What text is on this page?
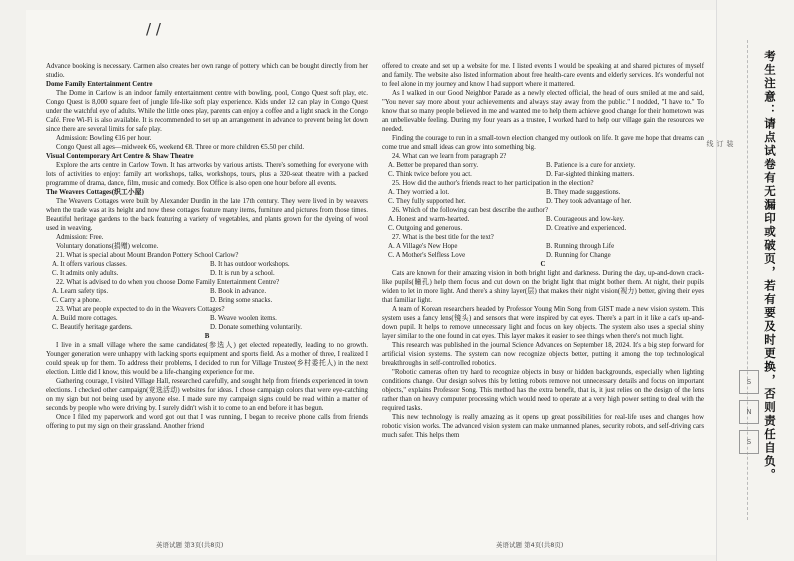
/ /

Advance booking is necessary. Carmen also creates her own range of pottery which can be bought directly from her studio.

Dome Family Entertainment Centre

The Dome in Carlow is an indoor family entertainment centre with bowling, pool, Congo Quest soft play, etc. Congo Quest is 8,000 square feet of jungle life-like soft play experience. Kids under 12 can play in Congo Quest under the watchful eye of adults. While the little ones play, parents can enjoy a coffee and a light snack in the Congo Café. Free Wi-Fi is also available. It is recommended to set up an arrangement in advance to prevent being let down since there are several limits for safe play.

Admission: Bowling €16 per hour.

Congo Quest all ages—midweek €6, weekend €8. Three or more children €5.50 per child.

Visual Contemporary Art Centre & Shaw Theatre

Explore the arts centre in Carlow Town. It has artworks by various artists. There's something for everyone with lots of activities to enjoy: family art workshops, talks, workshops, tours, plus a 320-seat theatre with a packed programme of drama, dance, film, music and comedy. Box Office is also open one hour before all events.

The Weavers Cottages(织工小屋)

The Weavers Cottages were built by Alexander Durdin in the late 17th century. They were lived in by weavers when the trade was at its height and now these cottages feature many items, furniture and pictures from those times. Beautiful heritage gardens to the back featuring a variety of vegetables, and plants grown for the dyeing of wool used in weaving.

Admission: Free.

Voluntary donations(捐赠) welcome.

21. What is special about Mount Brandon Pottery School Carlow?

A. It offers various classes.	B. It has outdoor workshops.
C. It admits only adults.	D. It is run by a school.

22. What is advised to do when you choose Dome Family Entertainment Centre?

A. Learn safety tips.	B. Book in advance.
C. Carry a phone.	D. Bring some snacks.

23. What are people expected to do in the Weavers Cottages?

A. Build more cottages.	B. Weave woolen items.
C. Beautify heritage gardens.	D. Donate something voluntarily.

B

I live in a small village where the same candidates(参选人) get elected repeatedly, leading to no growth. Younger generation were unhappy with lacking sports equipment and sports field. As a mother of three, I realized I could speak up for them. To address their problems, I decided to run for Village Trustee(乡村委托人) in the next election. Little did I know, this would be a life-changing experience for me.

Gathering courage, I visited Village Hall, researched carefully, and sought help from friends experienced in town elections. I checked other campaign(竞选活动) websites for ideas. I chose campaign colors that were eye-catching on my sign but not being used by anyone else. I made sure my campaign signs could be read within a matter of seconds by people who were driving by. I surely didn't wish it to come to an end before it has begun.

Once I filed my paperwork and word got out that I was running, I began to receive phone calls from friends offering to put my sign on their grassland. Another friend

offered to create and set up a website for me. I listed events I would be speaking at and shared pictures of myself and family. The website also listed information about free health-care events and elderly services. It's wonderful not to feel alone in my journey and know I had support where it mattered.

As I walked in our Good Neighbor Parade as a newly elected official, the head of ours smiled at me and said, "You never say more about your achievements and always stay away from the public." I nodded, "I have to." To know that so many people believed in me and wanted me to help them achieve good change for their hometown was an unbelievable feeling. During my four years as a trustee, I worked hard to help our village gain the resources we needed.

Finding the courage to run in a small-town election changed my outlook on life. It gave me hope that dreams can come true and small ideas can grow into something big.

24. What can we learn from paragraph 2?

A. Better be prepared than sorry.	B. Patience is a cure for anxiety.
C. Think twice before you act.	D. Far-sighted thinking matters.

25. How did the author's friends react to her participation in the election?

A. They worried a lot.	B. They made suggestions.
C. They fully supported her.	D. They took advantage of her.

26. Which of the following can best describe the author?

A. Honest and warm-hearted.	B. Courageous and low-key.
C. Outgoing and generous.	D. Creative and experienced.

27. What is the best title for the text?

A. A Village's New Hope	B. Running through Life
C. A Mother's Selfless Love	D. Running for Change

C

Cats are known for their amazing vision in both bright light and darkness. During the day, up-and-down crack-like pupils(瞳孔) help them focus and cut down on the bright light that might bother them. At night, their pupils widen to let in more light. And there's a shiny layer(层) that makes their night vision(视力) better, giving their eyes that familiar light.

A team of Korean researchers headed by Professor Young Min Song from GIST made a new vision system. This system uses a fancy lens(镜头) and sensors that were inspired by cat eyes. There's a part in it like a cat's up-and-down pupil. It helps to remove unnecessary light and focus on key objects. The system also uses a special shiny layer similar to the one found in cat eyes. This layer makes it easier to see things when there's not much light.

This research was published in the journal Science Advances on September 18, 2024. It's a big step forward for artificial vision systems. The system can now recognize objects better, putting it among the top technological breakthroughs in self-controlled robotics.

"Robotic cameras often try hard to recognize objects in busy or hidden backgrounds, especially when lighting conditions change. Our design solves this by letting robots remove not unnecessary details and focus on important objects," explains Professor Song. This method has the extra benefit, that is, it just relies on the design of the lens rather than on heavy computer processing which would need to operate at a very high power setting to deal with the required tasks.

This new technology is really amazing as it opens up great possibilities for real-life uses and changes how robotic vision works. The advanced vision system can make unmanned planes, security robots, and self-driving cars much safer. This helps them

英语试题 第3页(共8页)	英语试题 第4页(共8页)
装
订
线	考生注意：请点试卷有无漏印或破页，若有要及时更换，否则责任自负。
S
N
S
